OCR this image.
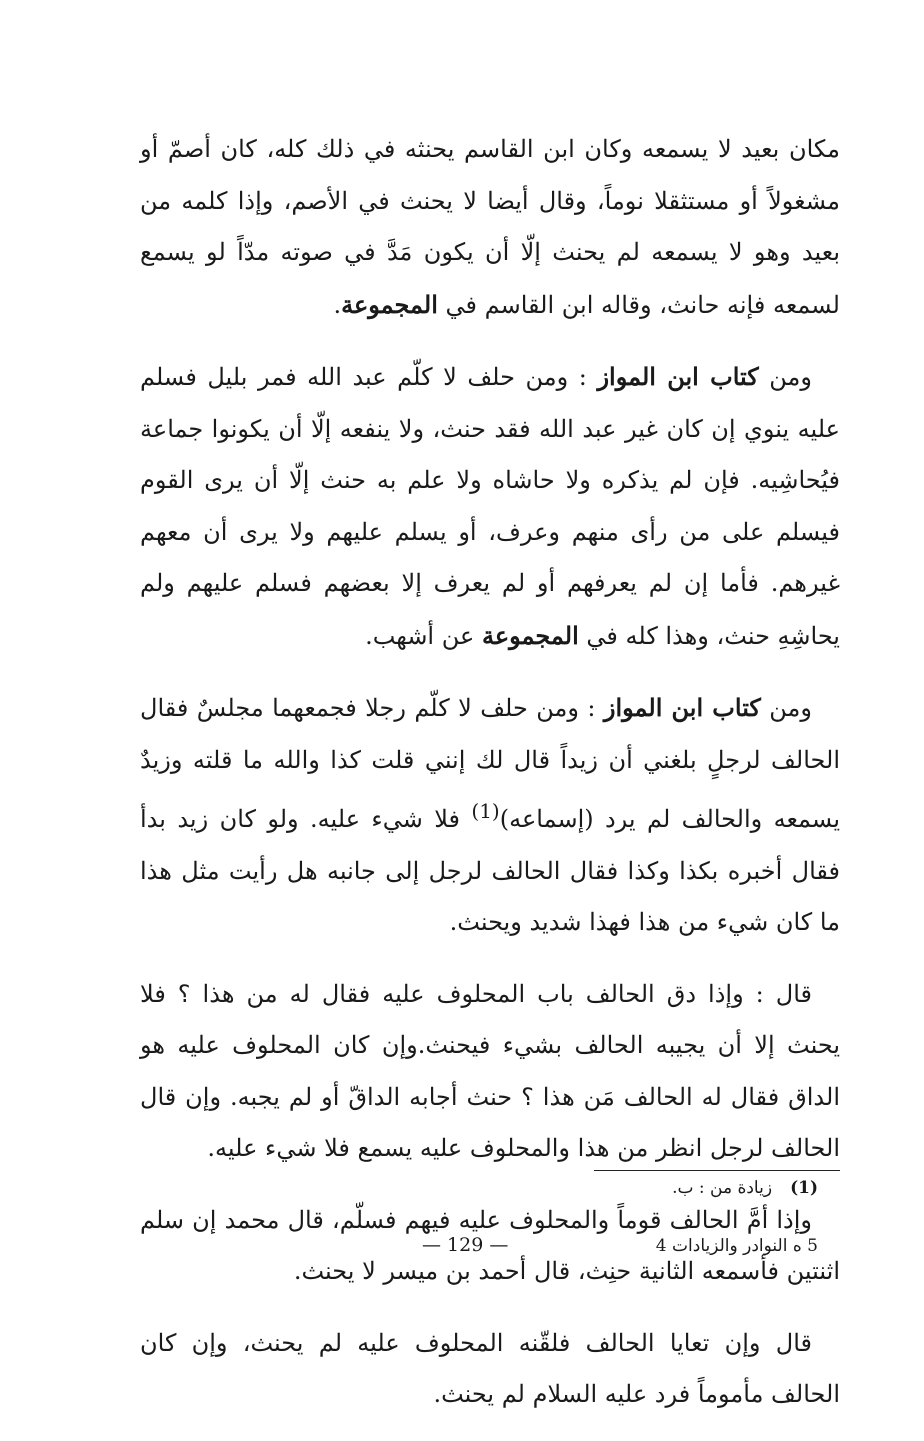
مكان بعيد لا يسمعه وكان ابن القاسم يحنثه في ذلك كله، كان أصمّ أو مشغولاً أو مستثقلا نوماً، وقال أيضا لا يحنث في الأصم، وإذا كلمه من بعيد وهو لا يسمعه لم يحنث إلّا أن يكون مَدَّ في صوته مدّاً لو يسمع لسمعه فإنه حانث، وقاله ابن القاسم في المجموعة.

ومن كتاب ابن المواز : ومن حلف لا كلّم عبد الله فمر بليل فسلم عليه ينوي إن كان غير عبد الله فقد حنث، ولا ينفعه إلّا أن يكونوا جماعة فيُحاشِيه. فإن لم يذكره ولا حاشاه ولا علم به حنث إلّا أن يرى القوم فيسلم على من رأى منهم وعرف، أو يسلم عليهم ولا يرى أن معهم غيرهم. فأما إن لم يعرفهم أو لم يعرف إلا بعضهم فسلم عليهم ولم يحاشِهِ حنث، وهذا كله في المجموعة عن أشهب.

ومن كتاب ابن المواز : ومن حلف لا كلّم رجلا فجمعهما مجلسٌ فقال الحالف لرجلٍ بلغني أن زيداً قال لك إنني قلت كذا والله ما قلته وزيدٌ يسمعه والحالف لم يرد (إسماعه)$^{(1)}$ فلا شيء عليه. ولو كان زيد بدأ فقال أخبره بكذا وكذا فقال الحالف لرجل إلى جانبه هل رأيت مثل هذا ما كان شيء من هذا فهذا شديد ويحنث.

قال : وإذا دق الحالف باب المحلوف عليه فقال له من هذا ؟ فلا يحنث إلا أن يجيبه الحالف بشيء فيحنث.وإن كان المحلوف عليه هو الداق فقال له الحالف مَن هذا ؟ حنث أجابه الداقّ أو لم يجبه. وإن قال الحالف لرجل انظر من هذا والمحلوف عليه يسمع فلا شيء عليه.

وإذا أمَّ الحالف قوماً والمحلوف عليه فيهم فسلّم، قال محمد إن سلم اثنتين فأسمعه الثانية حنِث، قال أحمد بن ميسر لا يحنث.

قال وإن تعايا الحالف فلقّنه المحلوف عليه لم يحنث، وإن كان الحالف مأموماً فرد عليه السلام لم يحنث.

(1)زيادة من : ب.
— 129 —	5 ه النوادر والزيادات 4
